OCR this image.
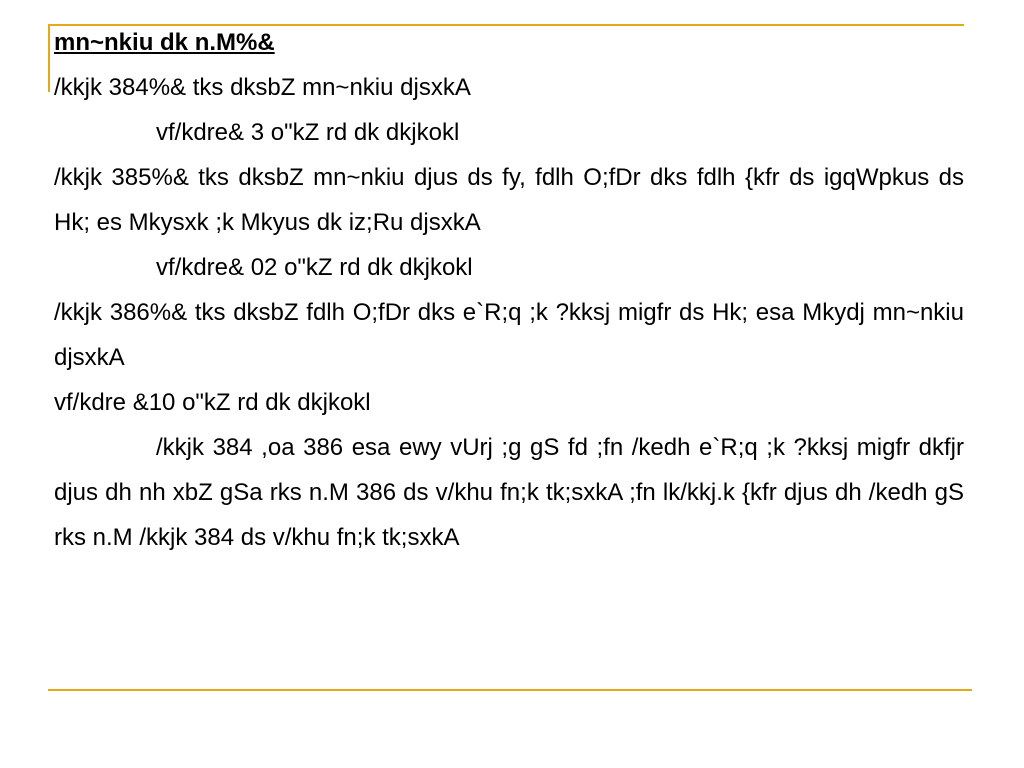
mn~nkiu dk n.M%&

/kkjk 384%& tks dksbZ mn~nkiu djsxkA

vf/kdre& 3 o"kZ rd dk dkjkokl

/kkjk 385%& tks dksbZ mn~nkiu djus ds fy, fdlh O;fDr dks fdlh {kfr ds igqWpkus ds Hk; es Mkysxk ;k Mkyus dk iz;Ru djsxkA

vf/kdre& 02 o"kZ rd dk dkjkokl

/kkjk 386%& tks dksbZ fdlh O;fDr dks e`R;q ;k ?kksj migfr ds Hk; esa Mkydj mn~nkiu djsxkA

vf/kdre &10 o"kZ rd dk dkjkokl

/kkjk 384 ,oa 386 esa ewy vUrj ;g gS fd ;fn /kedh e`R;q ;k ?kksj migfr dkfjr djus dh nh xbZ gSa rks n.M 386 ds v/khu fn;k tk;sxkA ;fn lk/kkj.k {kfr djus dh /kedh gS rks n.M /kkjk 384 ds v/khu fn;k tk;sxkA
